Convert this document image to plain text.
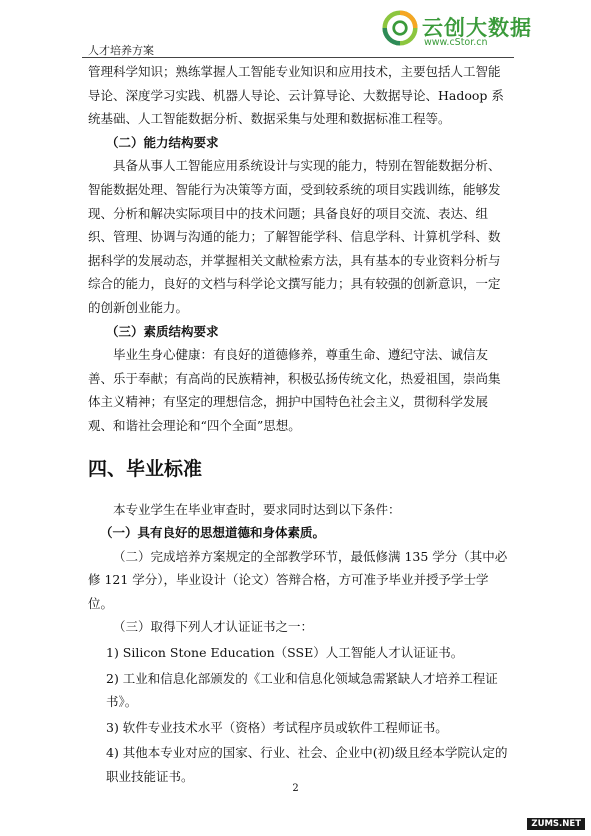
人才培养方案
云创大数据
www.cStor.cn

管理科学知识；熟练掌握人工智能专业知识和应用技术，主要包括人工智能导论、深度学习实践、机器人导论、云计算导论、大数据导论、Hadoop 系统基础、人工智能数据分析、数据采集与处理和数据标准工程等。

（二）能力结构要求

具备从事人工智能应用系统设计与实现的能力，特别在智能数据分析、智能数据处理、智能行为决策等方面，受到较系统的项目实践训练，能够发现、分析和解决实际项目中的技术问题；具备良好的项目交流、表达、组织、管理、协调与沟通的能力；了解智能学科、信息学科、计算机学科、数据科学的发展动态，并掌握相关文献检索方法，具有基本的专业资料分析与综合的能力，良好的文档与科学论文撰写能力；具有较强的创新意识，一定的创新创业能力。

（三）素质结构要求

毕业生身心健康：有良好的道德修养，尊重生命、遵纪守法、诚信友善、乐于奉献；有高尚的民族精神，积极弘扬传统文化，热爱祖国，崇尚集体主义精神；有坚定的理想信念，拥护中国特色社会主义，贯彻科学发展观、和谐社会理论和“四个全面”思想。

四、毕业标准

本专业学生在毕业审查时，要求同时达到以下条件：

（一）具有良好的思想道德和身体素质。

（二）完成培养方案规定的全部教学环节，最低修满 135 学分（其中必修 121 学分），毕业设计（论文）答辩合格，方可准予毕业并授予学士学位。

（三）取得下列人才认证证书之一：

1) Silicon Stone Education（SSE）人工智能人才认证证书。

2) 工业和信息化部颁发的《工业和信息化领域急需紧缺人才培养工程证书》。

3) 软件专业技术水平（资格）考试程序员或软件工程师证书。

4) 其他本专业对应的国家、行业、社会、企业中(初)级且经本学院认定的职业技能证书。

2
ZUMS.NET
